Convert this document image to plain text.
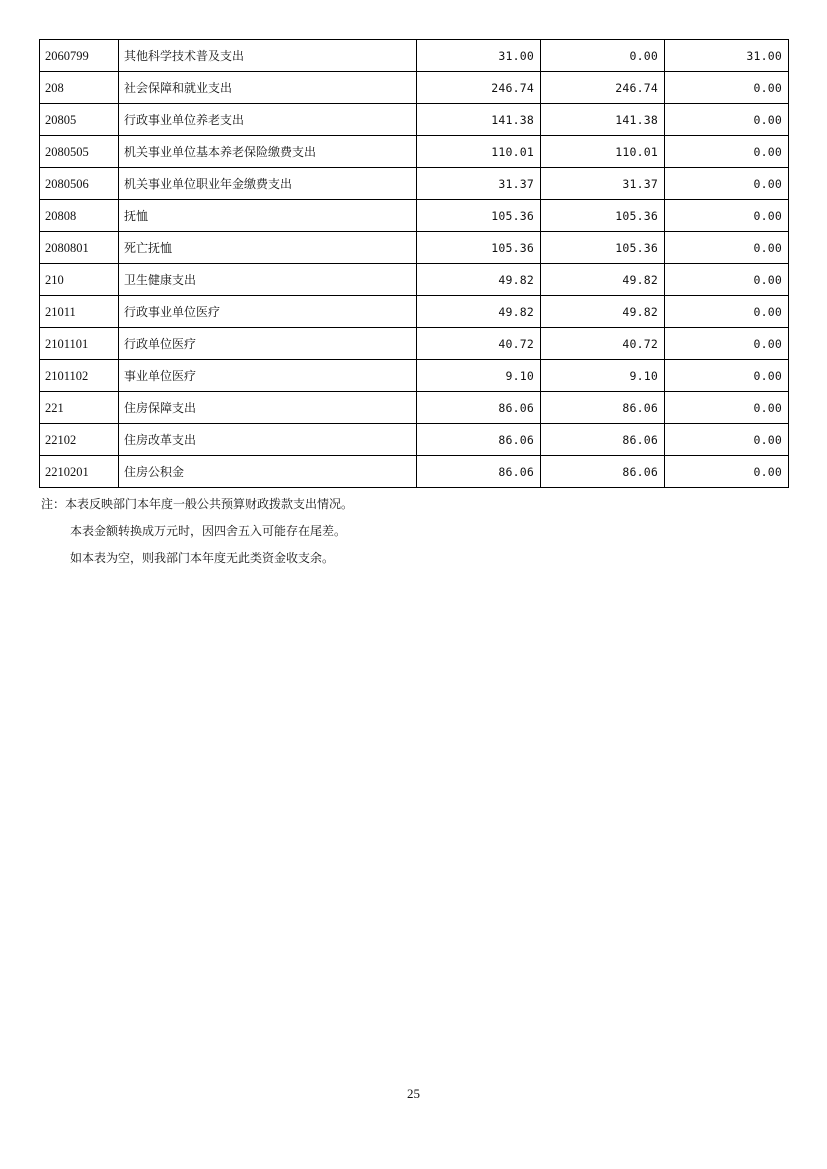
2060799	其他科学技术普及支出	31.00	0.00	31.00
208	社会保障和就业支出	246.74	246.74	0.00
20805	行政事业单位养老支出	141.38	141.38	0.00
2080505	机关事业单位基本养老保险缴费支出	110.01	110.01	0.00
2080506	机关事业单位职业年金缴费支出	31.37	31.37	0.00
20808	抚恤	105.36	105.36	0.00
2080801	死亡抚恤	105.36	105.36	0.00
210	卫生健康支出	49.82	49.82	0.00
21011	行政事业单位医疗	49.82	49.82	0.00
2101101	行政单位医疗	40.72	40.72	0.00
2101102	事业单位医疗	9.10	9.10	0.00
221	住房保障支出	86.06	86.06	0.00
22102	住房改革支出	86.06	86.06	0.00
2210201	住房公积金	86.06	86.06	0.00
注：本表反映部门本年度一般公共预算财政拨款支出情况。
本表金额转换成万元时，因四舍五入可能存在尾差。
如本表为空，则我部门本年度无此类资金收支余。
25
